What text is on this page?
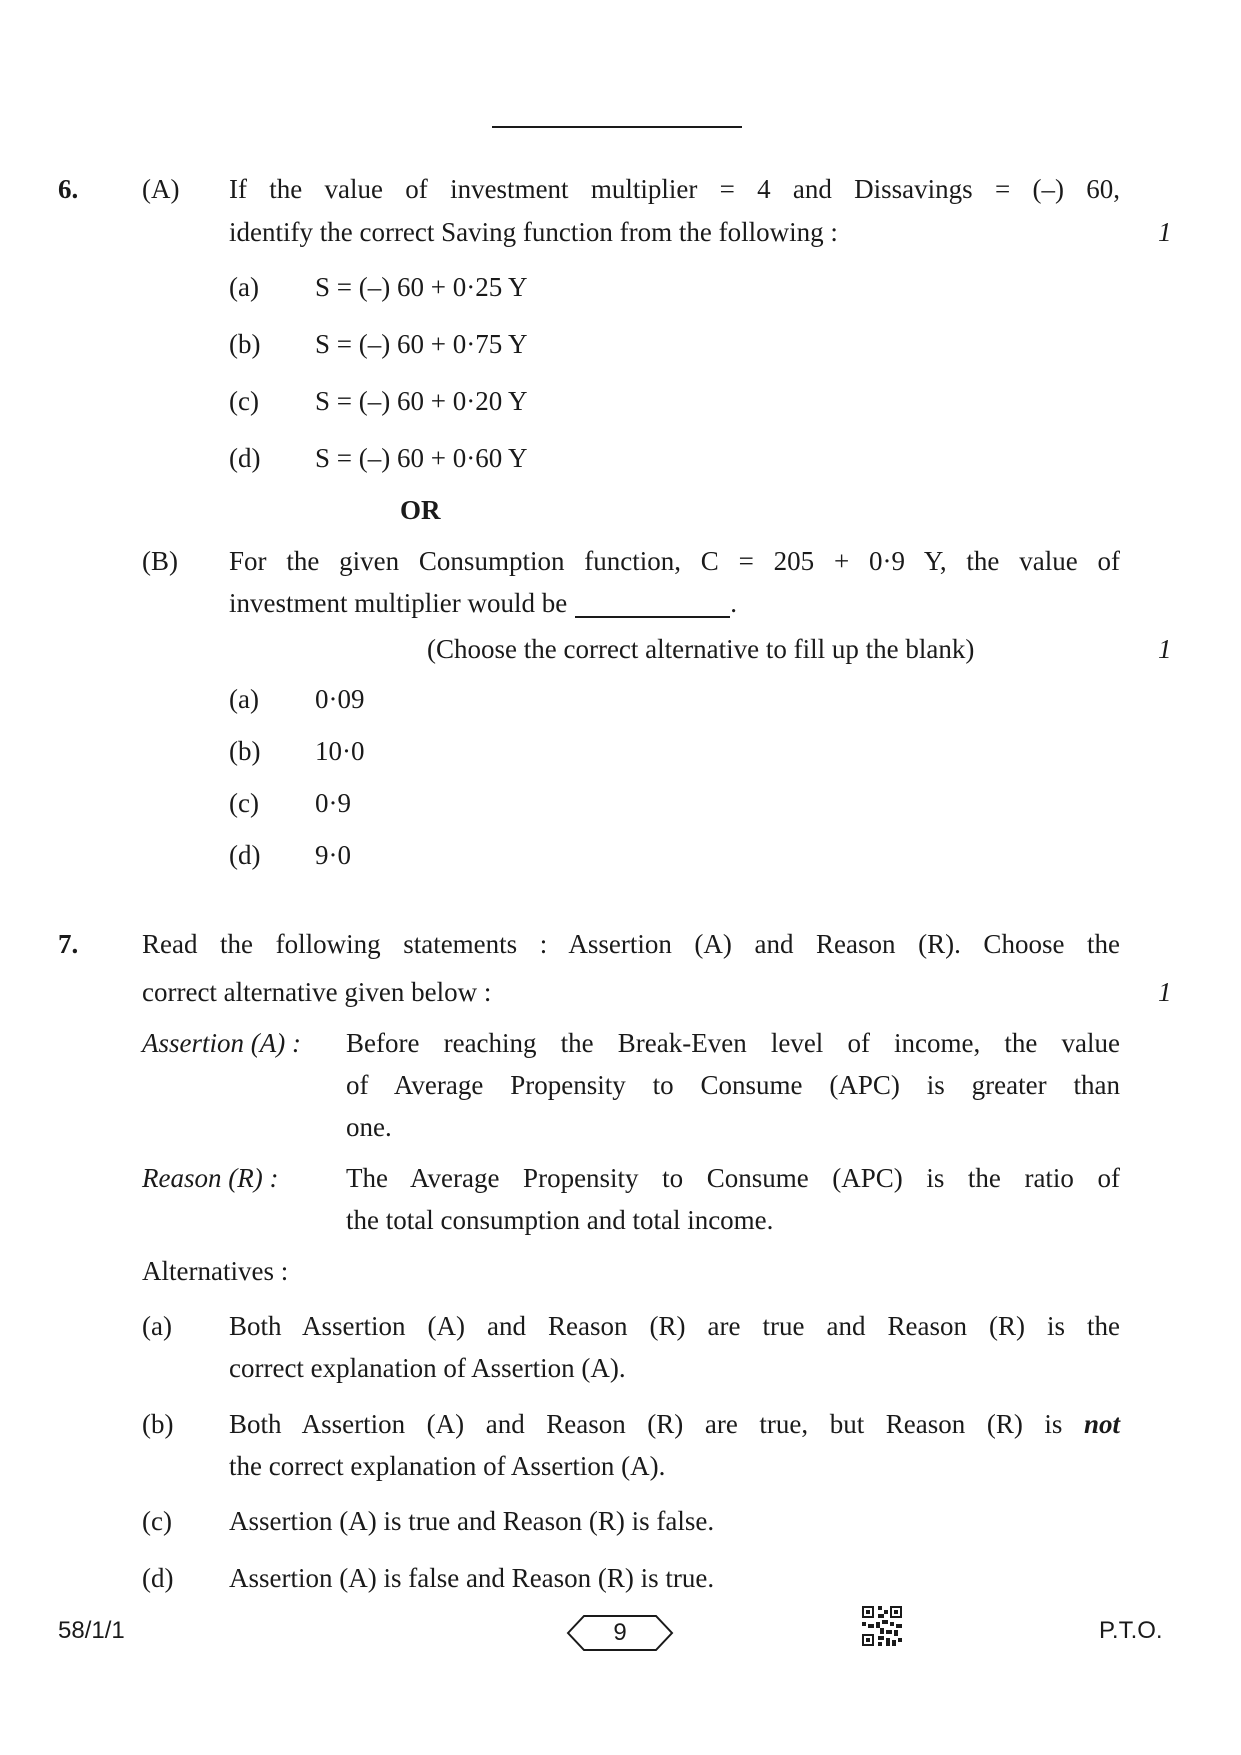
6. (A) If the value of investment multiplier = 4 and Dissavings = (–) 60,
identify the correct Saving function from the following :	1
(a) S = (–) 60 + 0·25 Y
(b) S = (–) 60 + 0·75 Y
(c) S = (–) 60 + 0·20 Y
(d) S = (–) 60 + 0·60 Y
OR
(B) For the given Consumption function, C = 205 + 0·9 Y, the value of
investment multiplier would be	.
(Choose the correct alternative to fill up the blank)	1
(a) 0·09
(b) 10·0
(c) 0·9
(d) 9·0
7. Read the following statements : Assertion (A) and Reason (R). Choose the
correct alternative given below :	1
Assertion (A) : Before reaching the Break-Even level of income, the value
of Average Propensity to Consume (APC) is greater than
one.
Reason (R) :	The Average Propensity to Consume (APC) is the ratio of
the total consumption and total income.
Alternatives :
(a) Both Assertion (A) and Reason (R) are true and Reason (R) is the
correct explanation of Assertion (A).
(b) Both Assertion (A) and Reason (R) are true, but Reason (R) is not
the correct explanation of Assertion (A).
(c) Assertion (A) is true and Reason (R) is false.
(d) Assertion (A) is false and Reason (R) is true.
58/1/1	9	P.T.O.
